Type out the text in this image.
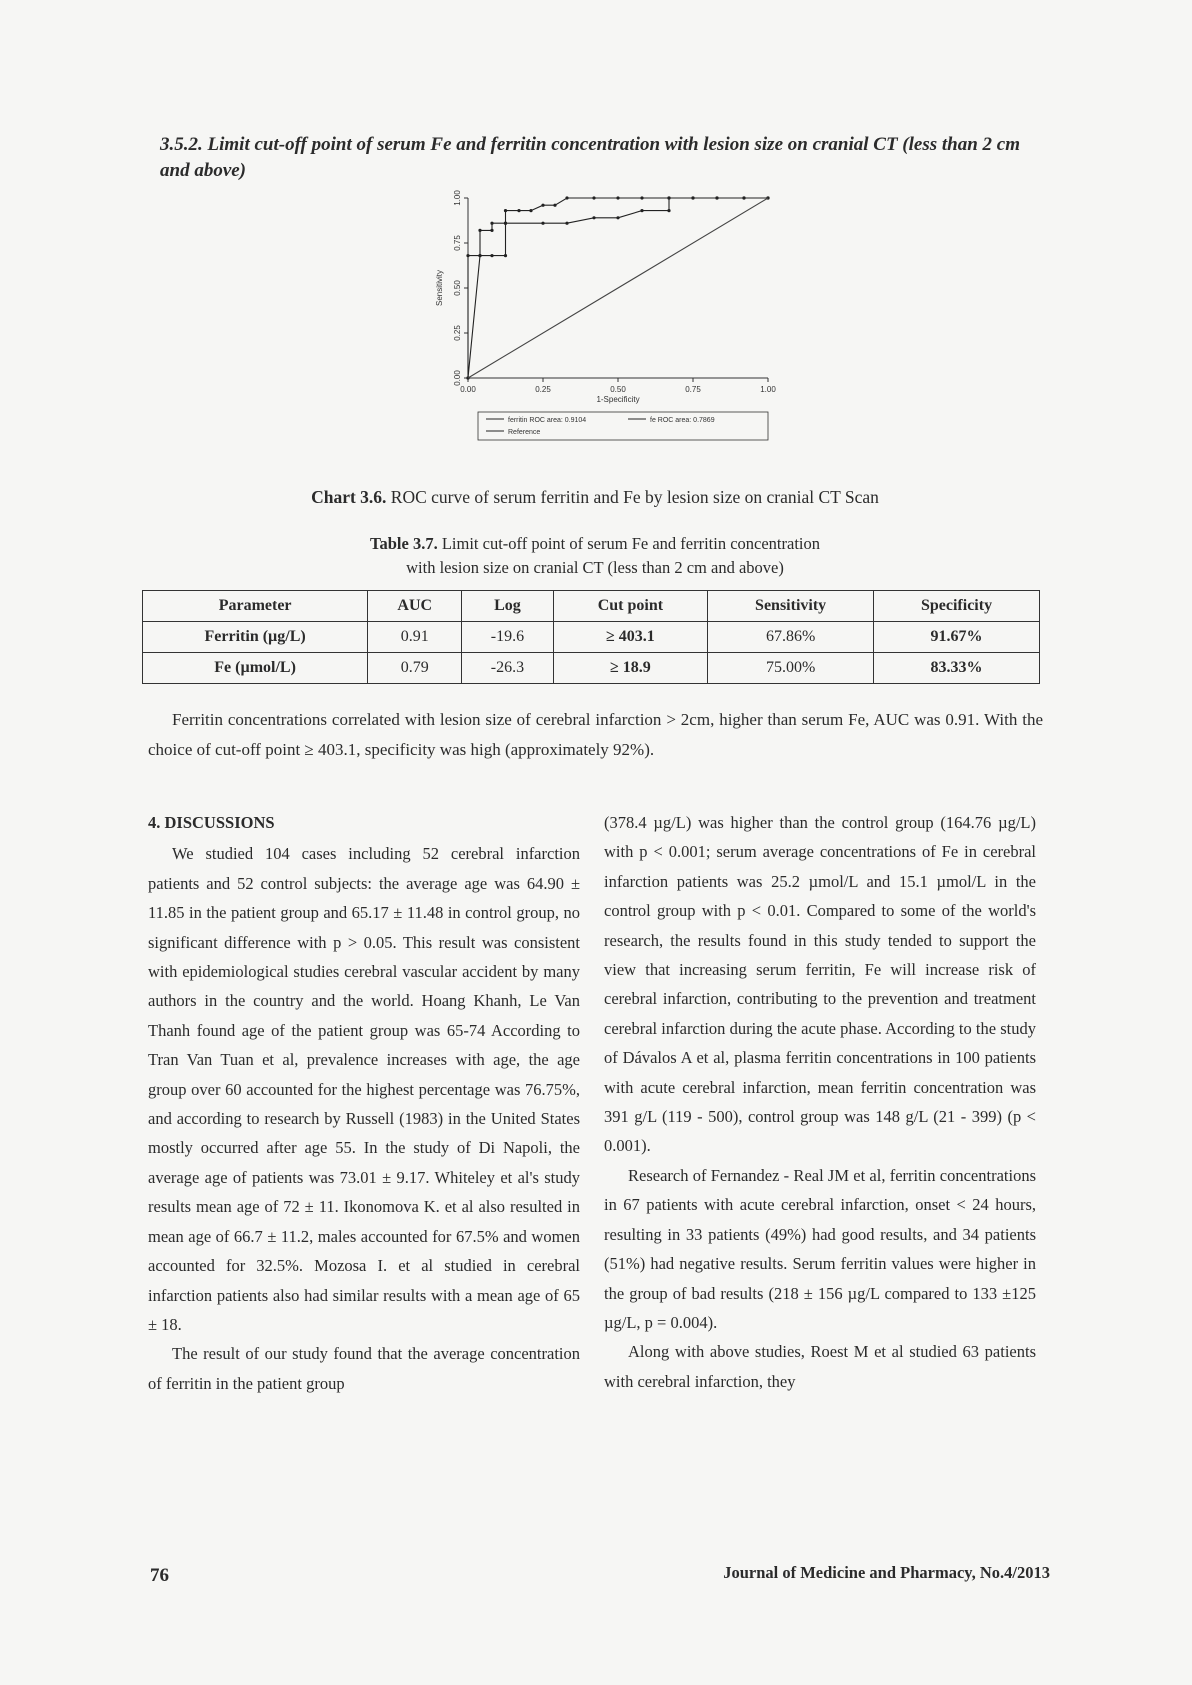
3.5.2. Limit cut-off point of serum Fe and ferritin concentration with lesion size on cranial CT (less than 2 cm and above)
0.00	0.25	0.50	0.75	1.00
0.00
0.25
0.50
0.75
1.00
1-Specificity
Sensitivity
ferritin ROC area: 0.9104	fe ROC area: 0.7869
Reference
Chart 3.6. ROC curve of serum ferritin and Fe by lesion size on cranial CT Scan
Table 3.7. Limit cut-off point of serum Fe and ferritin concentration
with lesion size on cranial CT (less than 2 cm and above)
Parameter	AUC	Log	Cut point	Sensitivity	Specificity
Ferritin (µg/L)	0.91	-19.6	≥ 403.1	67.86%	91.67%
Fe (µmol/L)	0.79	-26.3	≥ 18.9	75.00%	83.33%
Ferritin concentrations correlated with lesion size of cerebral infarction > 2cm, higher than serum Fe, AUC was 0.91. With the choice of cut-off point ≥ 403.1, specificity was high (approximately 92%).
4. DISCUSSIONS

We studied 104 cases including 52 cerebral infarction patients and 52 control subjects: the average age was 64.90 ± 11.85 in the patient group and 65.17 ± 11.48 in control group, no significant difference with p > 0.05. This result was consistent with epidemiological studies cerebral vascular accident by many authors in the country and the world. Hoang Khanh, Le Van Thanh found age of the patient group was 65-74 According to Tran Van Tuan et al, prevalence increases with age, the age group over 60 accounted for the highest percentage was 76.75%, and according to research by Russell (1983) in the United States mostly occurred after age 55. In the study of Di Napoli, the average age of patients was 73.01 ± 9.17. Whiteley et al's study results mean age of 72 ± 11. Ikonomova K. et al also resulted in mean age of 66.7 ± 11.2, males accounted for 67.5% and women accounted for 32.5%. Mozosa I. et al studied in cerebral infarction patients also had similar results with a mean age of 65 ± 18.

The result of our study found that the average concentration of ferritin in the patient group

(378.4 µg/L) was higher than the control group (164.76 µg/L) with p < 0.001; serum average concentrations of Fe in cerebral infarction patients was 25.2 µmol/L and 15.1 µmol/L in the control group with p < 0.01. Compared to some of the world's research, the results found in this study tended to support the view that increasing serum ferritin, Fe will increase risk of cerebral infarction, contributing to the prevention and treatment cerebral infarction during the acute phase. According to the study of Dávalos A et al, plasma ferritin concentrations in 100 patients with acute cerebral infarction, mean ferritin concentration was 391 g/L (119 - 500), control group was 148 g/L (21 - 399) (p < 0.001).

Research of Fernandez - Real JM et al, ferritin concentrations in 67 patients with acute cerebral infarction, onset < 24 hours, resulting in 33 patients (49%) had good results, and 34 patients (51%) had negative results. Serum ferritin values were higher in the group of bad results (218 ± 156 µg/L compared to 133 ±125 µg/L, p = 0.004).

Along with above studies, Roest M et al studied 63 patients with cerebral infarction, they

76	Journal of Medicine and Pharmacy, No.4/2013
